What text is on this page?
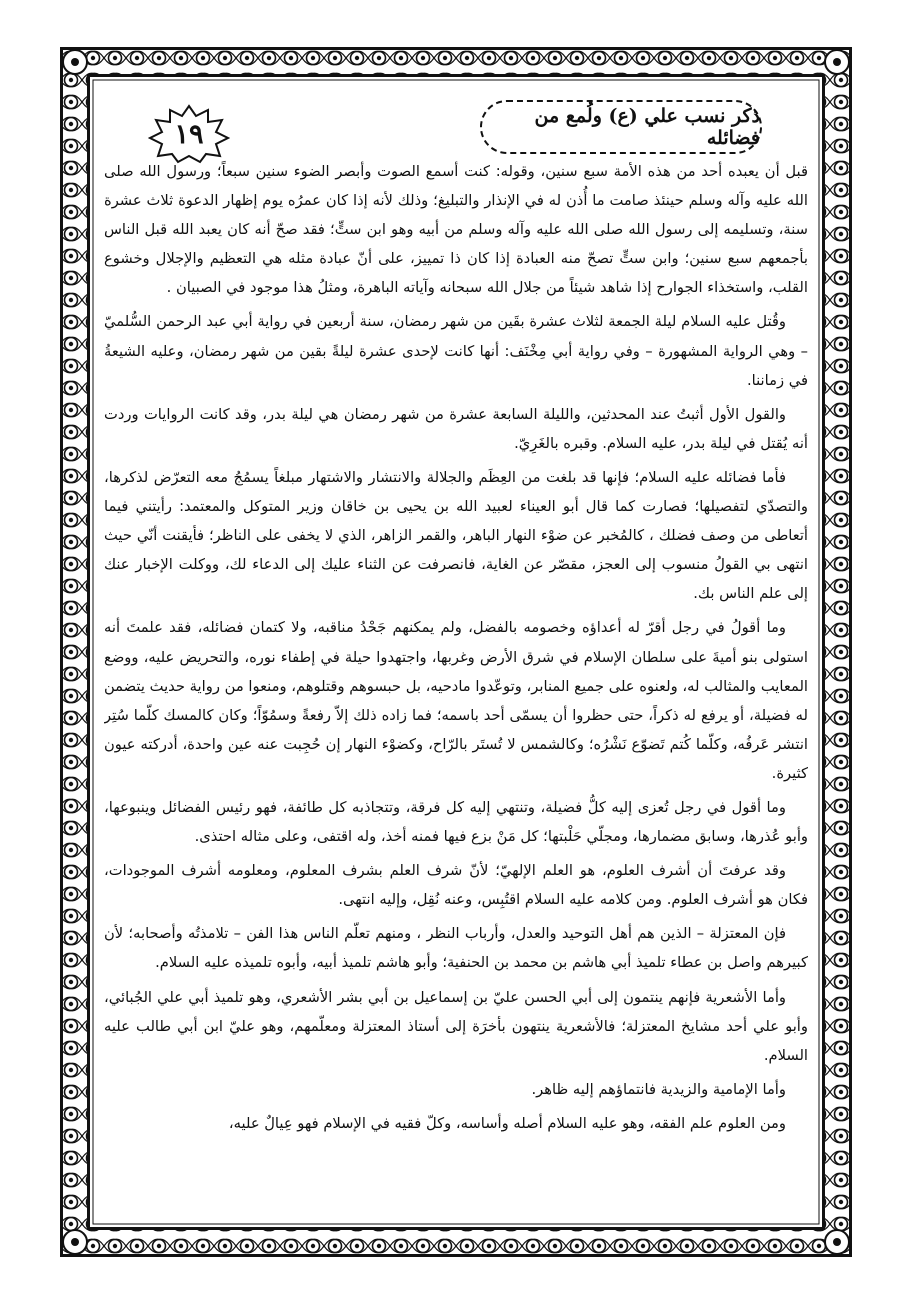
ذكر نسب علي (ع) ولُمع من فضائله
١٩

قبل أن يعبده أحد من هذه الأمة سبع سنين، وقوله: كنت أسمع الصوت وأبصر الضوء سنين سبعاً؛ ورسول الله صلى الله عليه وآله وسلم حينئذ صامت ما أُذن له في الإنذار والتبليغ؛ وذلك لأنه إذا كان عمرُه يوم إظهار الدعوة ثلاث عشرة سنة، وتسليمه إلى رسول الله صلى الله عليه وآله وسلم من أبيه وهو ابن ستٍّ؛ فقد صحّ أنه كان يعبد الله قبل الناس بأجمعهم سبع سنين؛ وابن ستٍّ تصحّ منه العبادة إذا كان ذا تمييز، على أنّ عبادة مثله هي التعظيم والإجلال وخشوع القلب، واستخذاء الجوارح إذا شاهد شيئاً من جلال الله سبحانه وآياته الباهرة، ومثلُ هذا موجود في الصبيان .

وقُتل عليه السلام ليلة الجمعة لثلاث عشرة بقَين من شهر رمضان، سنة أربعين في رواية أبي عبد الرحمن السُّلميّ – وهي الرواية المشهورة – وفي رواية أبي مِخْنَف: أنها كانت لإحدى عشرة ليلةً بقين من شهر رمضان، وعليه الشيعةُ في زماننا.

والقول الأول أثبتُ عند المحدثين، والليلة السابعة عشرة من شهر رمضان هي ليلة بدر، وقد كانت الروايات وردت أنه يُقتل في ليلة بدر، عليه السلام. وقبره بالغَرِيّ.

فأما فضائله عليه السلام؛ فإنها قد بلغت من العِظَم والجلالة والانتشار والاشتهار مبلغاً يسمُجُ معه التعرّض لذكرها، والتصدّي لتفصيلها؛ فصارت كما قال أبو العيناء لعبيد الله بن يحيى بن خاقان وزير المتوكل والمعتمد: رأيتني فيما أتعاطى من وصف فضلك ، كالمُخبر عن ضوْء النهار الباهر، والقمر الزاهر، الذي لا يخفى على الناظر؛ فأيقنت أنّي حيث انتهى بي القولُ منسوب إلى العجز، مقصّر عن الغاية، فانصرفت عن الثناء عليك إلى الدعاء لك، ووكلت الإخبار عنك إلى علم الناس بك.

وما أقولُ في رجل أقرّ له أعداؤه وخصومه بالفضل، ولم يمكنهم جَحْدُ مناقبه، ولا كتمان فضائله، فقد علمتَ أنه استولى بنو أميةَ على سلطان الإسلام في شرق الأرض وغربها، واجتهدوا حيلة في إطفاء نوره، والتحريض عليه، ووضع المعايب والمثالب له، ولعنوه على جميع المنابر، وتوعّدوا مادحيه، بل حبسوهم وقتلوهم، ومنعوا من رواية حديث يتضمن له فضيلة، أو يرفع له ذكراً، حتى حظروا أن يسمّى أحد باسمه؛ فما زاده ذلك إلاّ رفعةً وسمُوّاً؛ وكان كالمسك كلّما سُتِر انتشر عَرفُه، وكلّما كُتم تَضوّع نَشْرُه؛ وكالشمس لا تُستَر بالرّاح، وكضوْء النهار إن حُجِبت عنه عين واحدة، أدركته عيون كثيرة.

وما أقول في رجل تُعزى إليه كلُّ فضيلة، وتنتهي إليه كل فرقة، وتتجاذبه كل طائفة، فهو رئيس الفضائل وينبوعها، وأبو عُذرها، وسابق مضمارها، ومجلّي حَلْبتها؛ كل مَنْ بزع فيها فمنه أخذ، وله اقتفى، وعلى مثاله احتذى.

وقد عرفتَ أن أشرف العلوم، هو العلم الإلهيّ؛ لأنّ شرف العلم بشرف المعلوم، ومعلومه أشرف الموجودات، فكان هو أشرف العلوم. ومن كلامه عليه السلام اقتُبِس، وعنه نُقِل، وإليه انتهى.

فإن المعتزلة – الذين هم أهل التوحيد والعدل، وأرباب النظر ، ومنهم تعلّم الناس هذا الفن – تلامذتُه وأصحابه؛ لأن كبيرهم واصل بن عطاء تلميذ أبي هاشم بن محمد بن الحنفية؛ وأبو هاشم تلميذ أبيه، وأبوه تلميذه عليه السلام.

وأما الأشعرية فإنهم ينتمون إلى أبي الحسن عليّ بن إسماعيل بن أبي بشر الأشعري، وهو تلميذ أبي علي الجُبائي، وأبو علي أحد مشايخ المعتزلة؛ فالأشعرية ينتهون بأخرَة إلى أستاذ المعتزلة ومعلّمهم، وهو عليّ ابن أبي طالب عليه السلام.

وأما الإمامية والزيدية فانتماؤهم إليه ظاهر.

ومن العلوم علم الفقه، وهو عليه السلام أصله وأساسه، وكلّ فقيه في الإسلام فهو عِيالٌ عليه،
